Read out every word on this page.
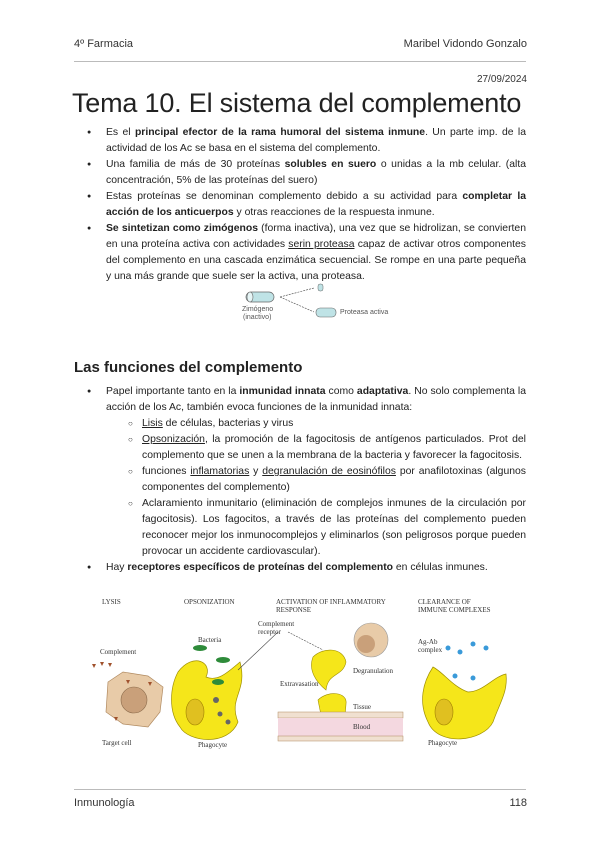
4º Farmacia	Maribel Vidondo Gonzalo
27/09/2024
Tema 10. El sistema del complemento
● Es el principal efector de la rama humoral del sistema inmune. Un parte imp. de la actividad de los Ac se basa en el sistema del complemento.
● Una familia de más de 30 proteínas solubles en suero o unidas a la mb celular. (alta concentración, 5% de las proteínas del suero)
● Estas proteínas se denominan complemento debido a su actividad para completar la acción de los anticuerpos y otras reacciones de la respuesta inmune.
● Se sintetizan como zimógenos (forma inactiva), una vez que se hidrolizan, se convierten en una proteína activa con actividades serin proteasa capaz de activar otros componentes del complemento en una cascada enzimática secuencial. Se rompe en una parte pequeña y una más grande que suele ser la activa, una proteasa.
Zimógeno
(inactivo)
Proteasa activa
Las funciones del complemento
● Papel importante tanto en la inmunidad innata como adaptativa. No solo complementa la acción de los Ac, también evoca funciones de la inmunidad innata:
○ Lisis de células, bacterias y virus
○ Opsonización, la promoción de la fagocitosis de antígenos particulados. Prot del complemento que se unen a la membrana de la bacteria y favorecer la fagocitosis.
○ funciones inflamatorias y degranulación de eosinófilos por anafilotoxinas (algunos componentes del complemento)
○ Aclaramiento inmunitario (eliminación de complejos inmunes de la circulación por fagocitosis). Los fagocitos, a través de las proteínas del complemento pueden reconocer mejor los inmunocomplejos y eliminarlos (son peligrosos porque pueden provocar un accidente cardiovascular).
● Hay receptores específicos de proteínas del complemento en células inmunes.
LYSIS	OPSONIZATION	ACTIVATION OF INFLAMMATORY
RESPONSE
CLEARANCE OF
IMMUNE COMPLEXES
Complement
Target cell
Bacteria
Complement
receptor
Phagocyte
Degranulation
Extravasation
Tissue
Blood
Ag-Ab
complex
Phagocyte
Inmunología	118
